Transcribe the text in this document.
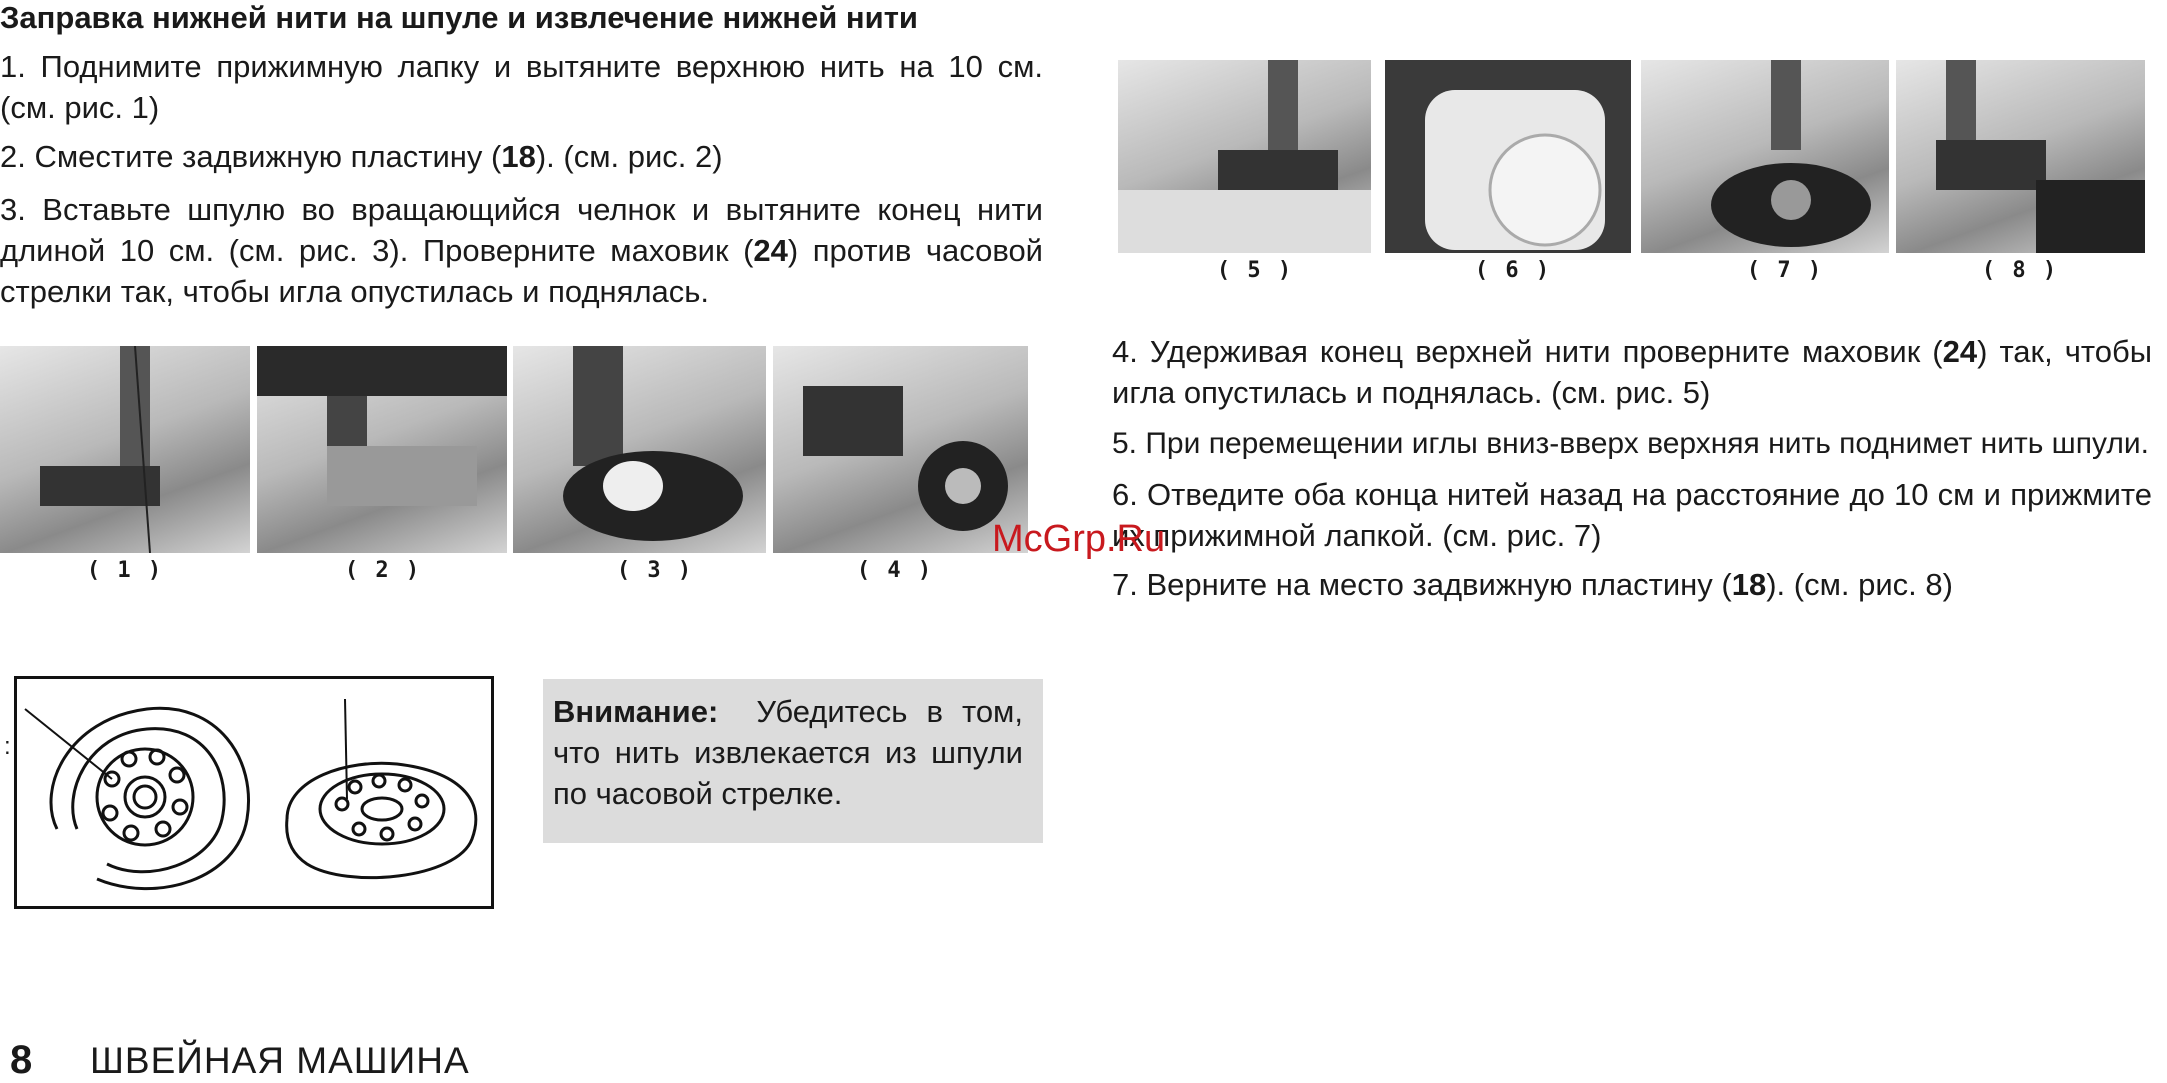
Заправка нижней нити на шпуле и извлечение нижней нити
1. Поднимите прижимную лапку и вытяните верхнюю нить на 10 см. (см. рис. 1)
2. Сместите задвижную пластину (18). (см. рис. 2)
3. Вставьте шпулю во вращающийся челнок и вытяните конец нити длиной 10 см. (см. рис. 3). Проверните маховик (24) против часовой стрелки так, чтобы игла опустилась и поднялась.
( 1 )	( 2 )	( 3 )	( 4 )
( 5 )	( 6 )	( 7 )	( 8 )
4. Удерживая конец верхней нити проверните маховик (24) так, чтобы игла опустилась и поднялась. (см. рис. 5)
5. При перемещении иглы вниз-вверх верхняя нить поднимет нить шпули.
6. Отведите оба конца нитей назад на расстояние до 10 см и прижмите их прижимной лапкой. (см. рис. 7)
7. Верните на место задвижную пластину (18). (см. рис. 8)
McGrp.Ru
:
Внимание: Убедитесь в том, что нить извлекается из шпули по часовой стрелке.
8 ШВЕЙНАЯ МАШИНА
